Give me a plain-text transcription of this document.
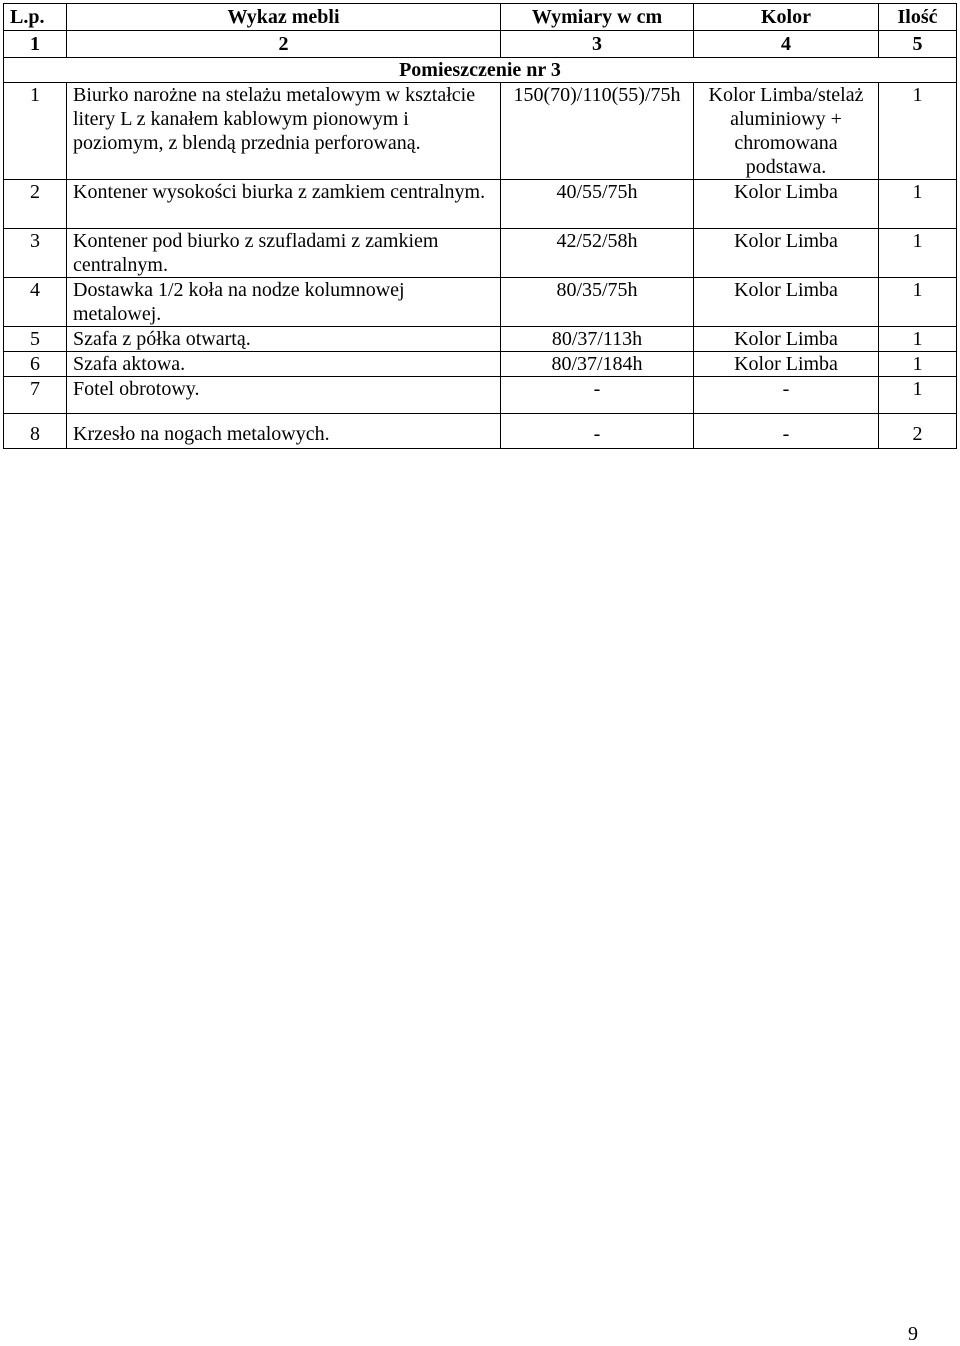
L.p.	Wykaz mebli	Wymiary w cm	Kolor	Ilość
1	2	3	4	5
Pomieszczenie nr 3				
1	Biurko narożne na stelażu metalowym w kształcie litery L z kanałem kablowym pionowym i poziomym, z blendą przednia perforowaną.	150(70)/110(55)/75h	Kolor Limba/stelaż aluminiowy + chromowana podstawa.	1
2	Kontener wysokości biurka z zamkiem centralnym.	40/55/75h	Kolor Limba	1
3	Kontener pod biurko z szufladami z zamkiem centralnym.	42/52/58h	Kolor Limba	1
4	Dostawka 1/2 koła na nodze kolumnowej metalowej.	80/35/75h	Kolor Limba	1
5	Szafa z półka otwartą.	80/37/113h	Kolor Limba	1
6	Szafa aktowa.	80/37/184h	Kolor Limba	1
7	Fotel obrotowy.	-	-	1
8	Krzesło na nogach metalowych.	-	-	2
9
